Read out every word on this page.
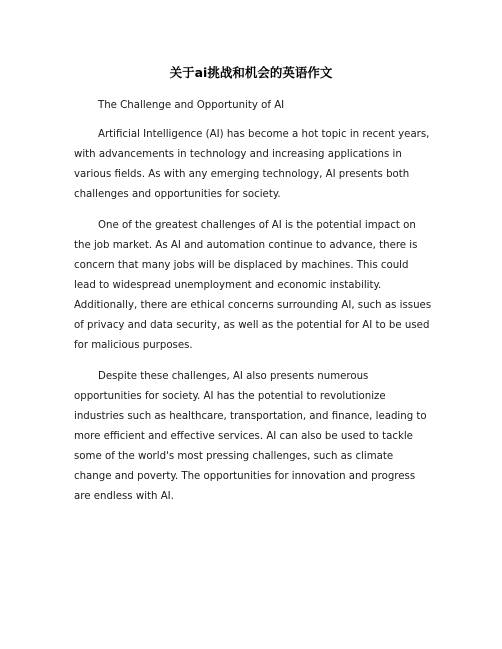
关于ai挑战和机会的英语作文

The Challenge and Opportunity of AI

Artificial Intelligence (AI) has become a hot topic in recent years, with advancements in technology and increasing applications in various fields. As with any emerging technology, AI presents both challenges and opportunities for society.

One of the greatest challenges of AI is the potential impact on the job market. As AI and automation continue to advance, there is concern that many jobs will be displaced by machines. This could lead to widespread unemployment and economic instability. Additionally, there are ethical concerns surrounding AI, such as issues of privacy and data security, as well as the potential for AI to be used for malicious purposes.

Despite these challenges, AI also presents numerous opportunities for society. AI has the potential to revolutionize industries such as healthcare, transportation, and finance, leading to more efficient and effective services. AI can also be used to tackle some of the world's most pressing challenges, such as climate change and poverty. The opportunities for innovation and progress are endless with AI.
